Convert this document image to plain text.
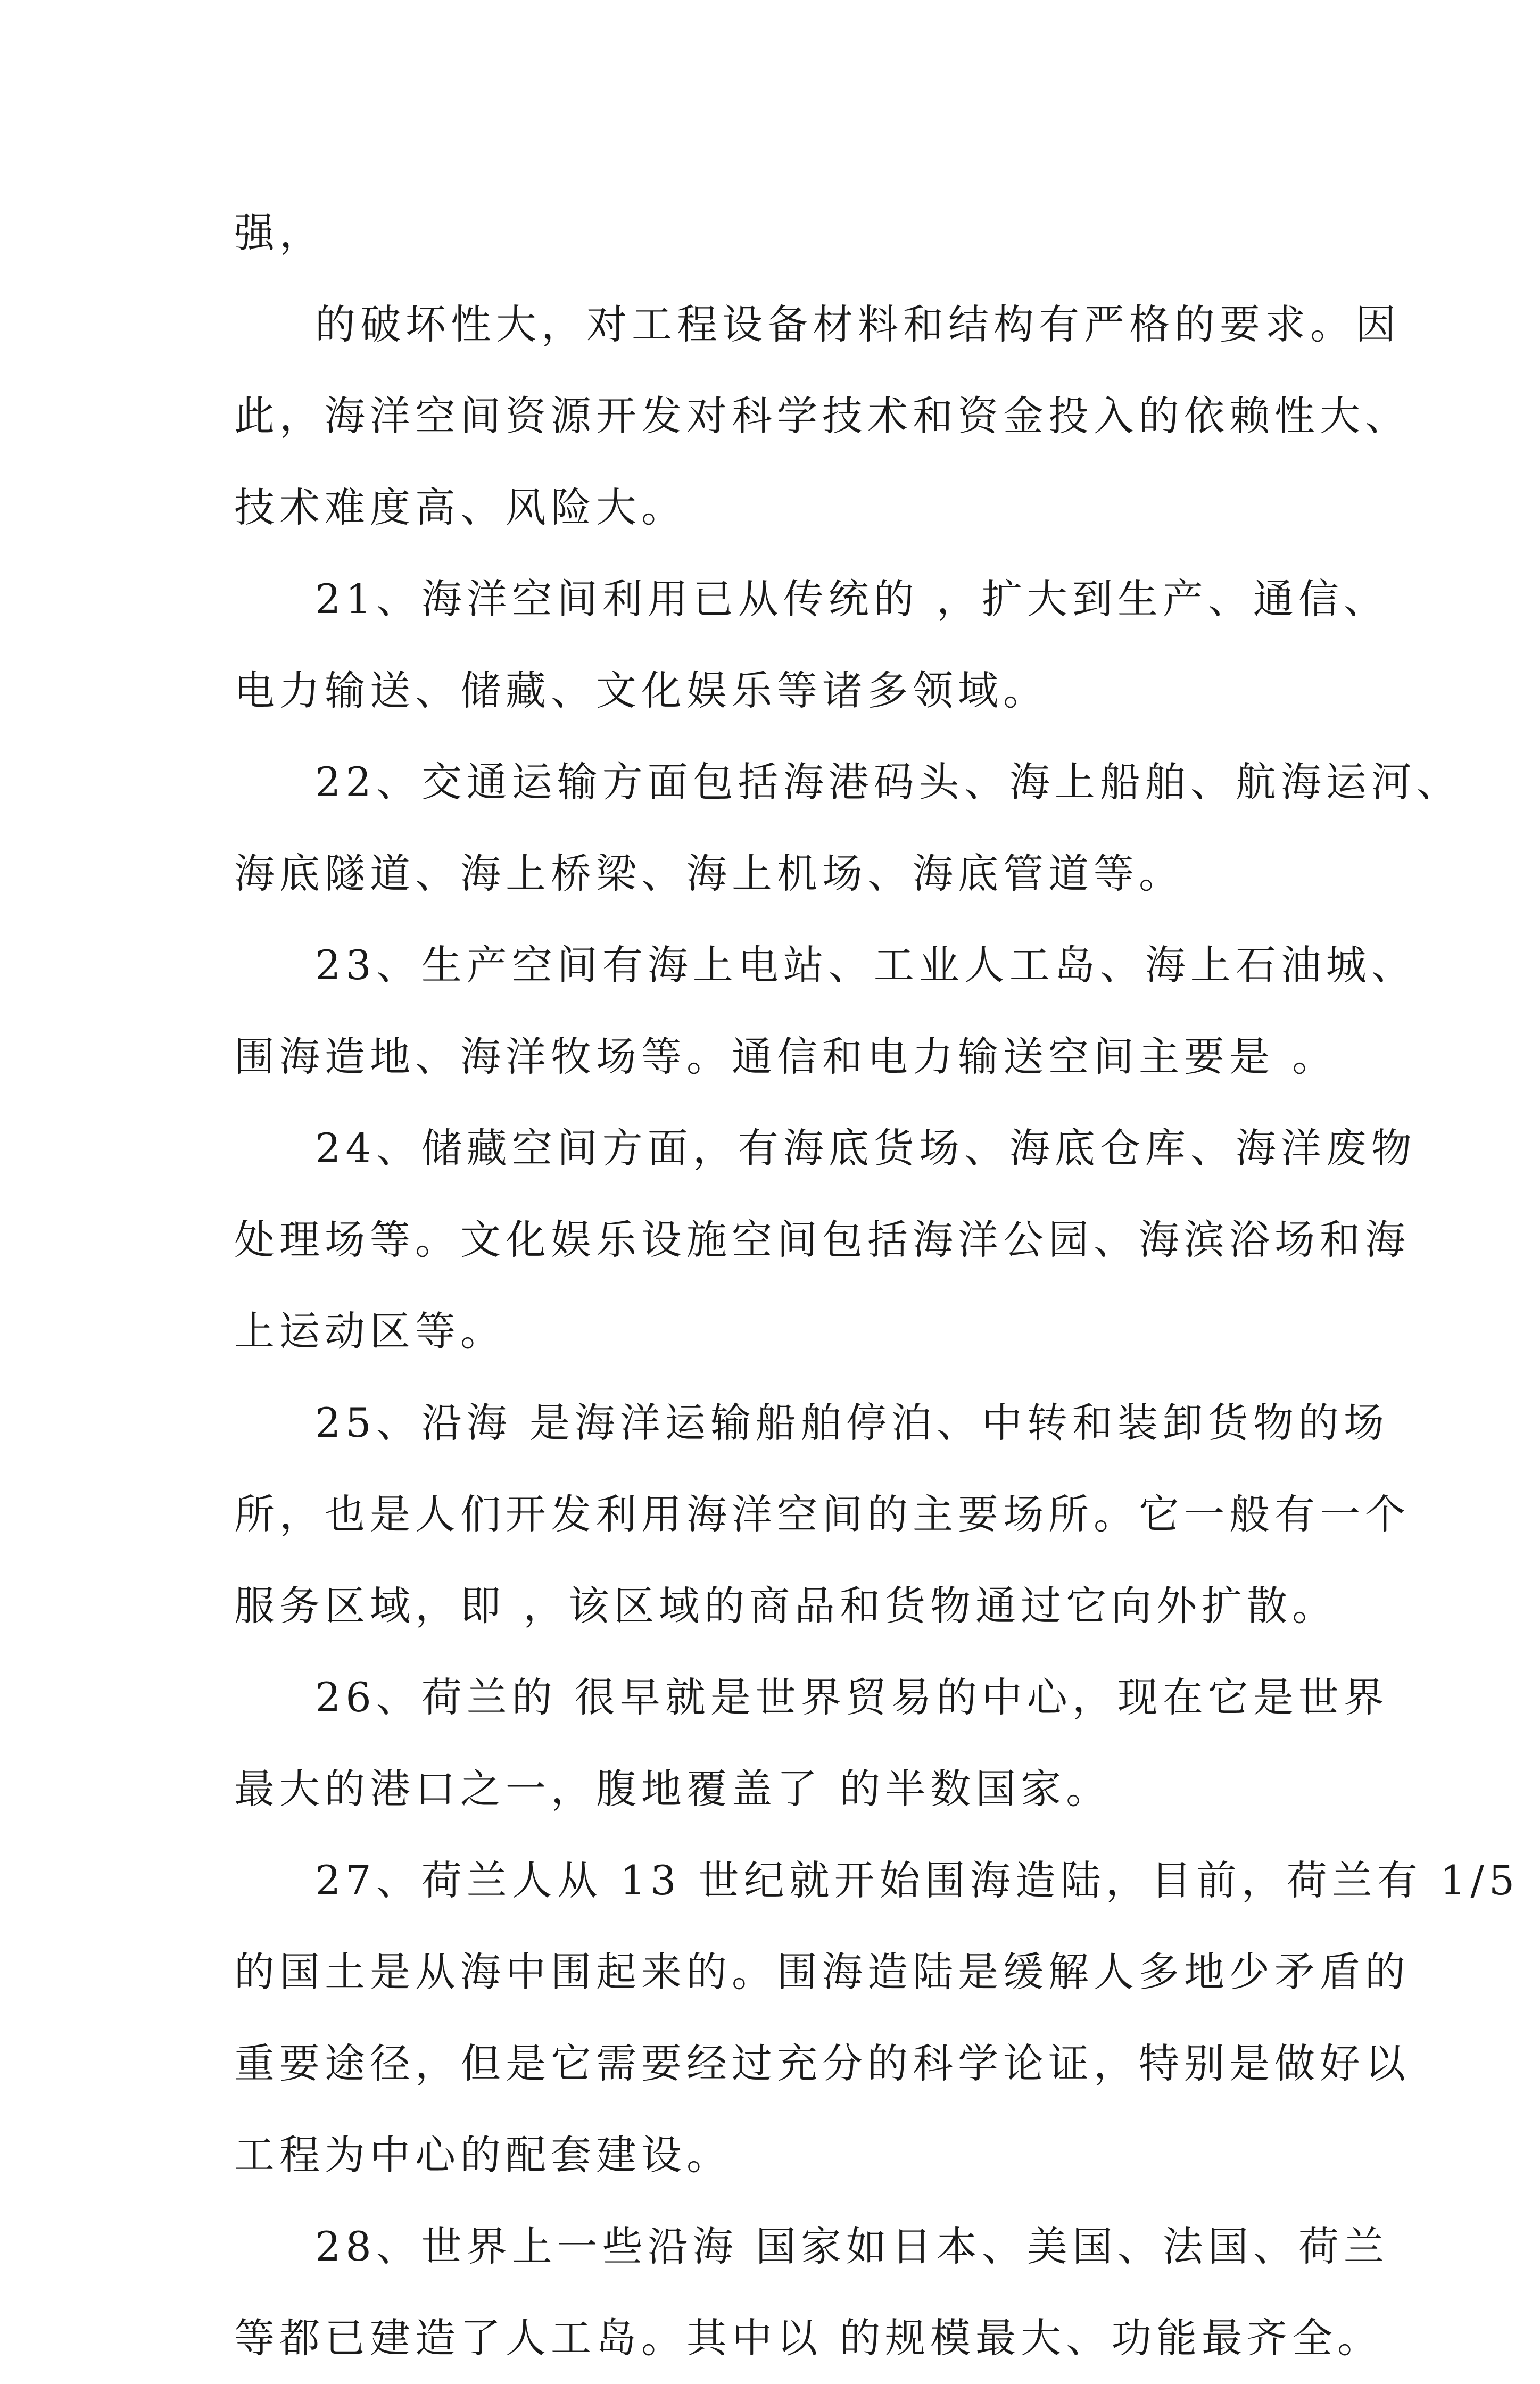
强，
的破坏性大，对工程设备材料和结构有严格的要求。因
此，海洋空间资源开发对科学技术和资金投入的依赖性大、
技术难度高、风险大。
21、海洋空间利用已从传统的 ，扩大到生产、通信、
电力输送、储藏、文化娱乐等诸多领域。
22、交通运输方面包括海港码头、海上船舶、航海运河、
海底隧道、海上桥梁、海上机场、海底管道等。
23、生产空间有海上电站、工业人工岛、海上石油城、
围海造地、海洋牧场等。通信和电力输送空间主要是 。
24、储藏空间方面，有海底货场、海底仓库、海洋废物
处理场等。文化娱乐设施空间包括海洋公园、海滨浴场和海
上运动区等。
25、沿海 是海洋运输船舶停泊、中转和装卸货物的场
所，也是人们开发利用海洋空间的主要场所。它一般有一个
服务区域，即 ，该区域的商品和货物通过它向外扩散。
26、荷兰的 很早就是世界贸易的中心，现在它是世界
最大的港口之一，腹地覆盖了 的半数国家。
27、荷兰人从 13 世纪就开始围海造陆，目前，荷兰有 1/5
的国土是从海中围起来的。围海造陆是缓解人多地少矛盾的
重要途径，但是它需要经过充分的科学论证，特别是做好以
工程为中心的配套建设。
28、世界上一些沿海 国家如日本、美国、法国、荷兰
等都已建造了人工岛。其中以 的规模最大、功能最齐全。
